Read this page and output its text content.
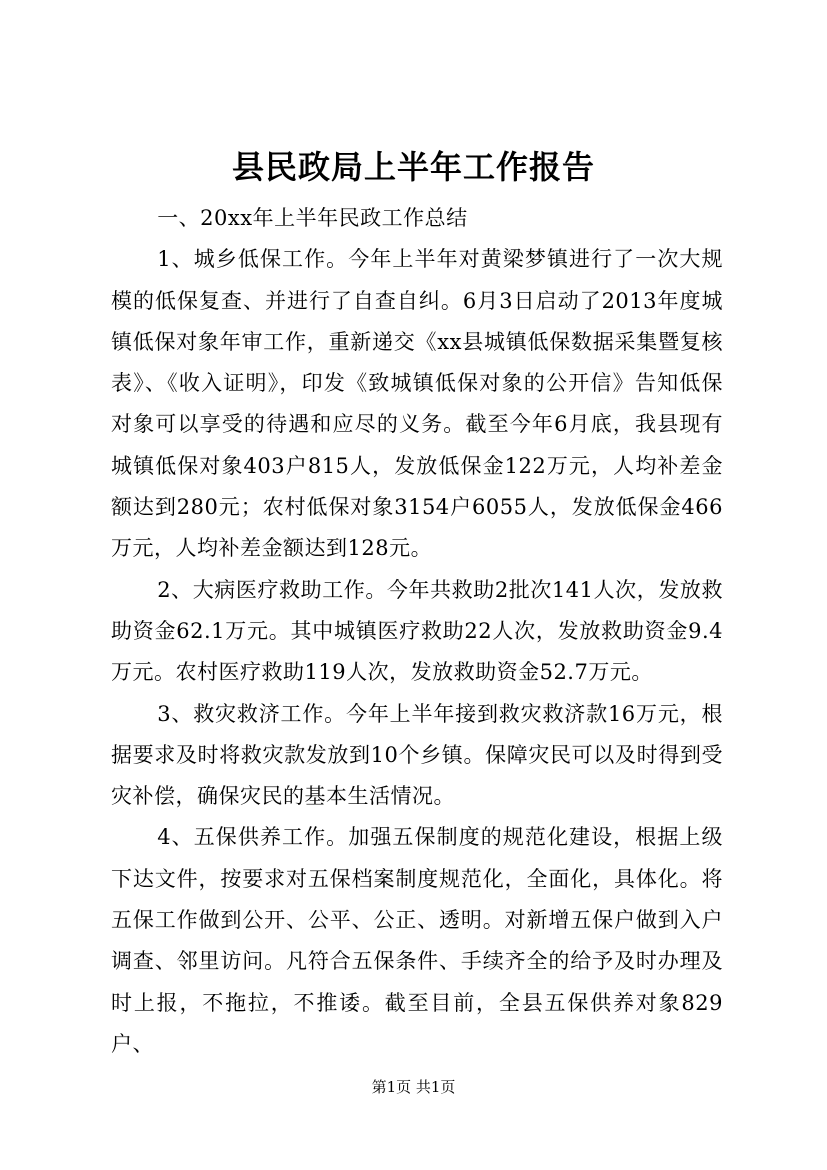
县民政局上半年工作报告

一、20xx年上半年民政工作总结

1、城乡低保工作。今年上半年对黄梁梦镇进行了一次大规模的低保复查、并进行了自查自纠。6月3日启动了2013年度城镇低保对象年审工作，重新递交《xx县城镇低保数据采集暨复核表》、《收入证明》，印发《致城镇低保对象的公开信》告知低保对象可以享受的待遇和应尽的义务。截至今年6月底，我县现有城镇低保对象403户815人，发放低保金122万元，人均补差金额达到280元；农村低保对象3154户6055人，发放低保金466万元，人均补差金额达到128元。

2、大病医疗救助工作。今年共救助2批次141人次，发放救助资金62.1万元。其中城镇医疗救助22人次，发放救助资金9.4万元。农村医疗救助119人次，发放救助资金52.7万元。

3、救灾救济工作。今年上半年接到救灾救济款16万元，根据要求及时将救灾款发放到10个乡镇。保障灾民可以及时得到受灾补偿，确保灾民的基本生活情况。

4、五保供养工作。加强五保制度的规范化建设，根据上级下达文件，按要求对五保档案制度规范化，全面化，具体化。将五保工作做到公开、公平、公正、透明。对新增五保户做到入户调查、邻里访问。凡符合五保条件、手续齐全的给予及时办理及时上报，不拖拉，不推诿。截至目前，全县五保供养对象829户、

第1页 共1页
